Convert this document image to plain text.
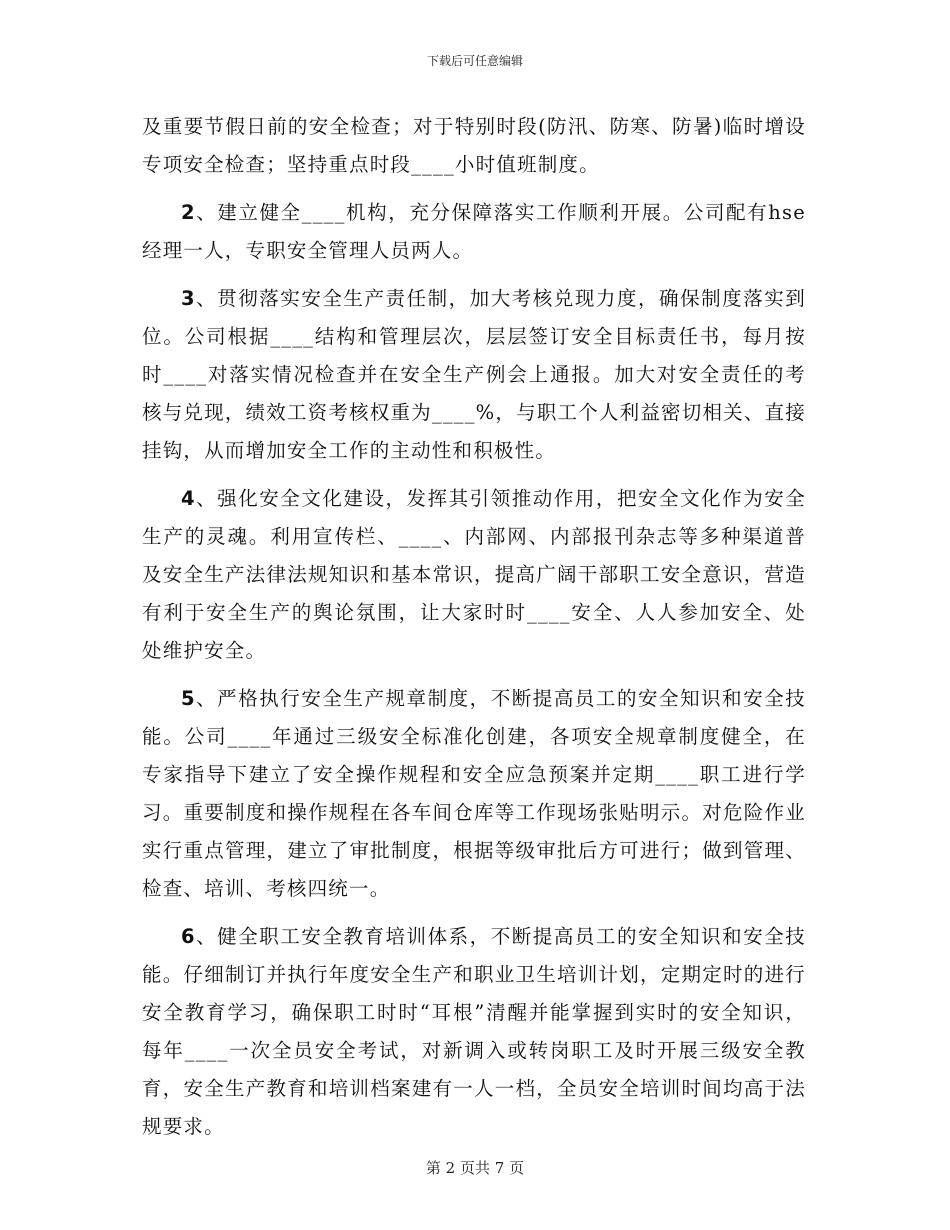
下载后可任意编辑

及重要节假日前的安全检查；对于特别时段(防汛、防寒、防暑)临时增设专项安全检查；坚持重点时段____小时值班制度。

2、建立健全____机构，充分保障落实工作顺利开展。公司配有hse经理一人，专职安全管理人员两人。

3、贯彻落实安全生产责任制，加大考核兑现力度，确保制度落实到位。公司根据____结构和管理层次，层层签订安全目标责任书，每月按时____对落实情况检查并在安全生产例会上通报。加大对安全责任的考核与兑现，绩效工资考核权重为____%，与职工个人利益密切相关、直接挂钩，从而增加安全工作的主动性和积极性。

4、强化安全文化建设，发挥其引领推动作用，把安全文化作为安全生产的灵魂。利用宣传栏、____、内部网、内部报刊杂志等多种渠道普及安全生产法律法规知识和基本常识，提高广阔干部职工安全意识，营造有利于安全生产的舆论氛围，让大家时时____安全、人人参加安全、处处维护安全。

5、严格执行安全生产规章制度，不断提高员工的安全知识和安全技能。公司____年通过三级安全标准化创建，各项安全规章制度健全，在专家指导下建立了安全操作规程和安全应急预案并定期____职工进行学习。重要制度和操作规程在各车间仓库等工作现场张贴明示。对危险作业实行重点管理，建立了审批制度，根据等级审批后方可进行；做到管理、检查、培训、考核四统一。

6、健全职工安全教育培训体系，不断提高员工的安全知识和安全技能。仔细制订并执行年度安全生产和职业卫生培训计划，定期定时的进行安全教育学习，确保职工时时“耳根”清醒并能掌握到实时的安全知识，每年____一次全员安全考试，对新调入或转岗职工及时开展三级安全教育，安全生产教育和培训档案建有一人一档，全员安全培训时间均高于法规要求。

第 2 页共 7 页
